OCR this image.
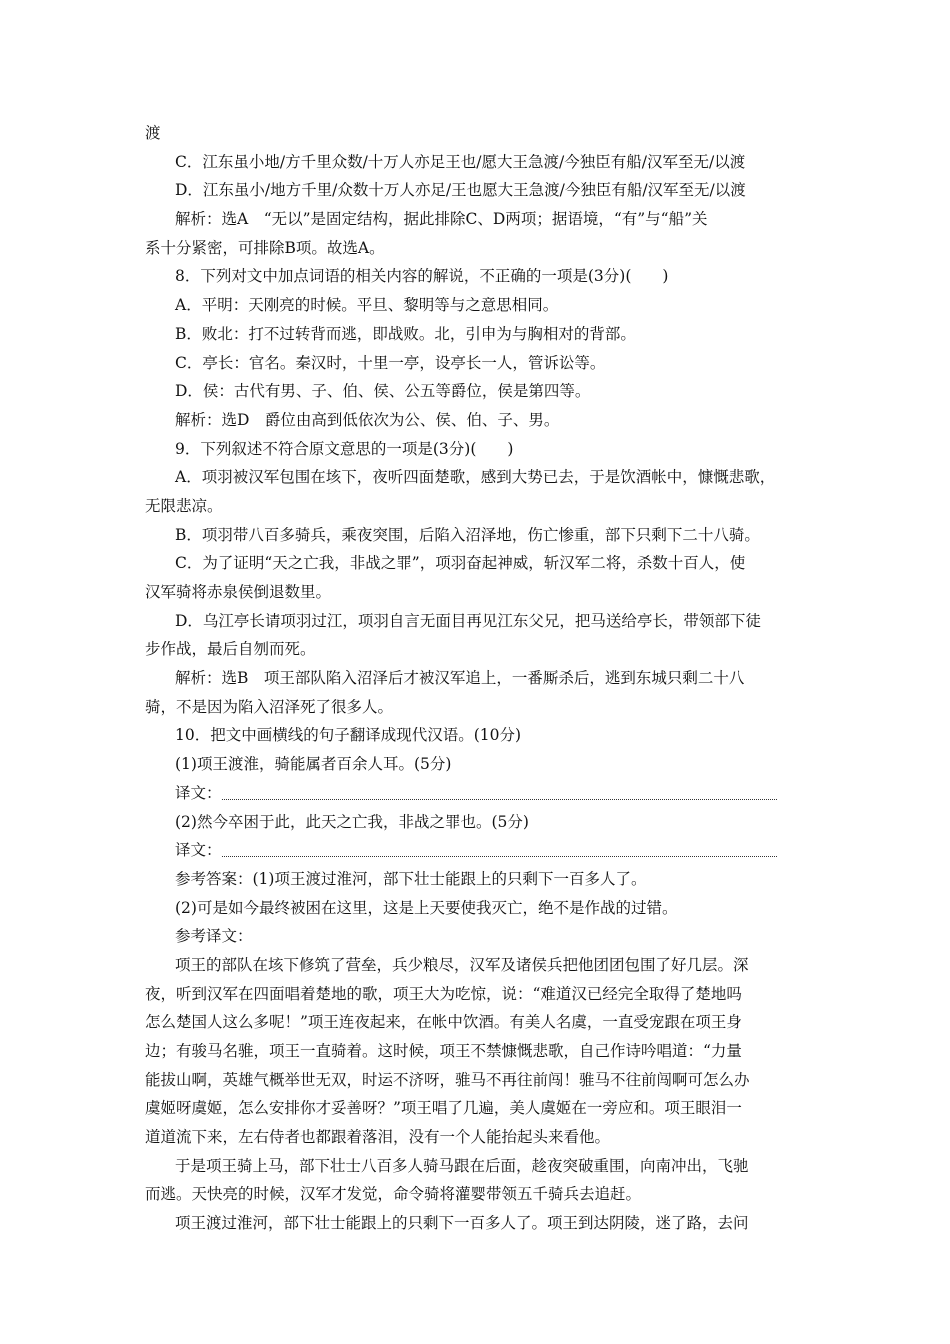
渡
C．江东虽小地/方千里众数/十万人亦足王也/愿大王急渡/今独臣有船/汉军至无/以渡
D．江东虽小/地方千里/众数十万人亦足/王也愿大王急渡/今独臣有船/汉军至无/以渡
解析：选A　“无以”是固定结构，据此排除C、D两项；据语境，“有”与“船”关
系十分紧密，可排除B项。故选A。
8．下列对文中加点词语的相关内容的解说，不正确的一项是(3分)(　　)
A．平明：天刚亮的时候。平旦、黎明等与之意思相同。
B．败北：打不过转背而逃，即战败。北，引申为与胸相对的背部。
C．亭长：官名。秦汉时，十里一亭，设亭长一人，管诉讼等。
D．侯：古代有男、子、伯、侯、公五等爵位，侯是第四等。
解析：选D　爵位由高到低依次为公、侯、伯、子、男。
9．下列叙述不符合原文意思的一项是(3分)(　　)
A．项羽被汉军包围在垓下，夜听四面楚歌，感到大势已去，于是饮酒帐中，慷慨悲歌，
无限悲凉。
B．项羽带八百多骑兵，乘夜突围，后陷入沼泽地，伤亡惨重，部下只剩下二十八骑。
C．为了证明“天之亡我，非战之罪”，项羽奋起神威，斩汉军二将，杀数十百人，使
汉军骑将赤泉侯倒退数里。
D．乌江亭长请项羽过江，项羽自言无面目再见江东父兄，把马送给亭长，带领部下徒
步作战，最后自刎而死。
解析：选B　项王部队陷入沼泽后才被汉军追上，一番厮杀后，逃到东城只剩二十八
骑，不是因为陷入沼泽死了很多人。
10．把文中画横线的句子翻译成现代汉语。(10分)
(1)项王渡淮，骑能属者百余人耳。(5分)
译文：
(2)然今卒困于此，此天之亡我，非战之罪也。(5分)
译文：
参考答案：(1)项王渡过淮河，部下壮士能跟上的只剩下一百多人了。
(2)可是如今最终被困在这里，这是上天要使我灭亡，绝不是作战的过错。
参考译文：
项王的部队在垓下修筑了营垒，兵少粮尽，汉军及诸侯兵把他团团包围了好几层。深
夜，听到汉军在四面唱着楚地的歌，项王大为吃惊，说：“难道汉已经完全取得了楚地吗
怎么楚国人这么多呢！”项王连夜起来，在帐中饮酒。有美人名虞，一直受宠跟在项王身
边；有骏马名骓，项王一直骑着。这时候，项王不禁慷慨悲歌，自己作诗吟唱道：“力量
能拔山啊，英雄气概举世无双，时运不济呀，骓马不再往前闯！骓马不往前闯啊可怎么办
虞姬呀虞姬，怎么安排你才妥善呀？”项王唱了几遍，美人虞姬在一旁应和。项王眼泪一
道道流下来，左右侍者也都跟着落泪，没有一个人能抬起头来看他。
于是项王骑上马，部下壮士八百多人骑马跟在后面，趁夜突破重围，向南冲出，飞驰
而逃。天快亮的时候，汉军才发觉，命令骑将灌婴带领五千骑兵去追赶。
项王渡过淮河，部下壮士能跟上的只剩下一百多人了。项王到达阴陵，迷了路，去问
